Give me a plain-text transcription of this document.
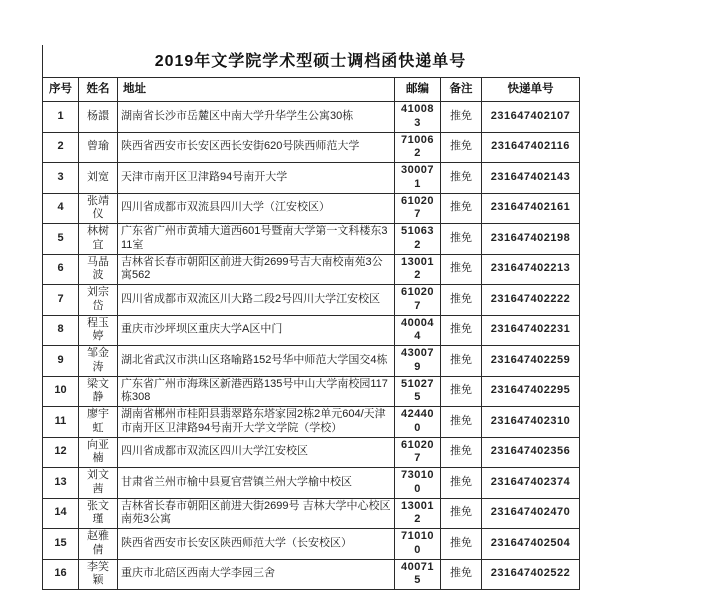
2019年文学院学术型硕士调档函快递单号
序号	姓名	地址	邮编	备注	快递单号
1	杨譞	湖南省长沙市岳麓区中南大学升华学生公寓30栋	410083	推免	231647402107
2	曾瑜	陕西省西安市长安区西长安街620号陕西师范大学	710062	推免	231647402116
3	刘宽	天津市南开区卫津路94号南开大学	300071	推免	231647402143
4	张靖仪	四川省成都市双流县四川大学（江安校区）	610207	推免	231647402161
5	林树宜	广东省广州市黄埔大道西601号暨南大学第一文科楼东311室	510632	推免	231647402198
6	马晶波	吉林省长春市朝阳区前进大街2699号吉大南校南苑3公寓562	130012	推免	231647402213
7	刘宗岱	四川省成都市双流区川大路二段2号四川大学江安校区	610207	推免	231647402222
8	程玉婷	重庆市沙坪坝区重庆大学A区中门	400044	推免	231647402231
9	邹金涛	湖北省武汉市洪山区珞喻路152号华中师范大学国交4栋	430079	推免	231647402259
10	梁文静	广东省广州市海珠区新港西路135号中山大学南校园117栋308	510275	推免	231647402295
11	廖宇虹	湖南省郴州市桂阳县翡翠路东塔家园2栋2单元604/天津市南开区卫津路94号南开大学文学院（学校）	424400	推免	231647402310
12	向亚楠	四川省成都市双流区四川大学江安校区	610207	推免	231647402356
13	刘文茜	甘肃省兰州市榆中县夏官营镇兰州大学榆中校区	730100	推免	231647402374
14	张文瑾	吉林省长春市朝阳区前进大街2699号 吉林大学中心校区南苑3公寓	130012	推免	231647402470
15	赵雅倩	陕西省西安市长安区陕西师范大学（长安校区）	710100	推免	231647402504
16	李笑颖	重庆市北碚区西南大学李园三舍	400715	推免	231647402522
